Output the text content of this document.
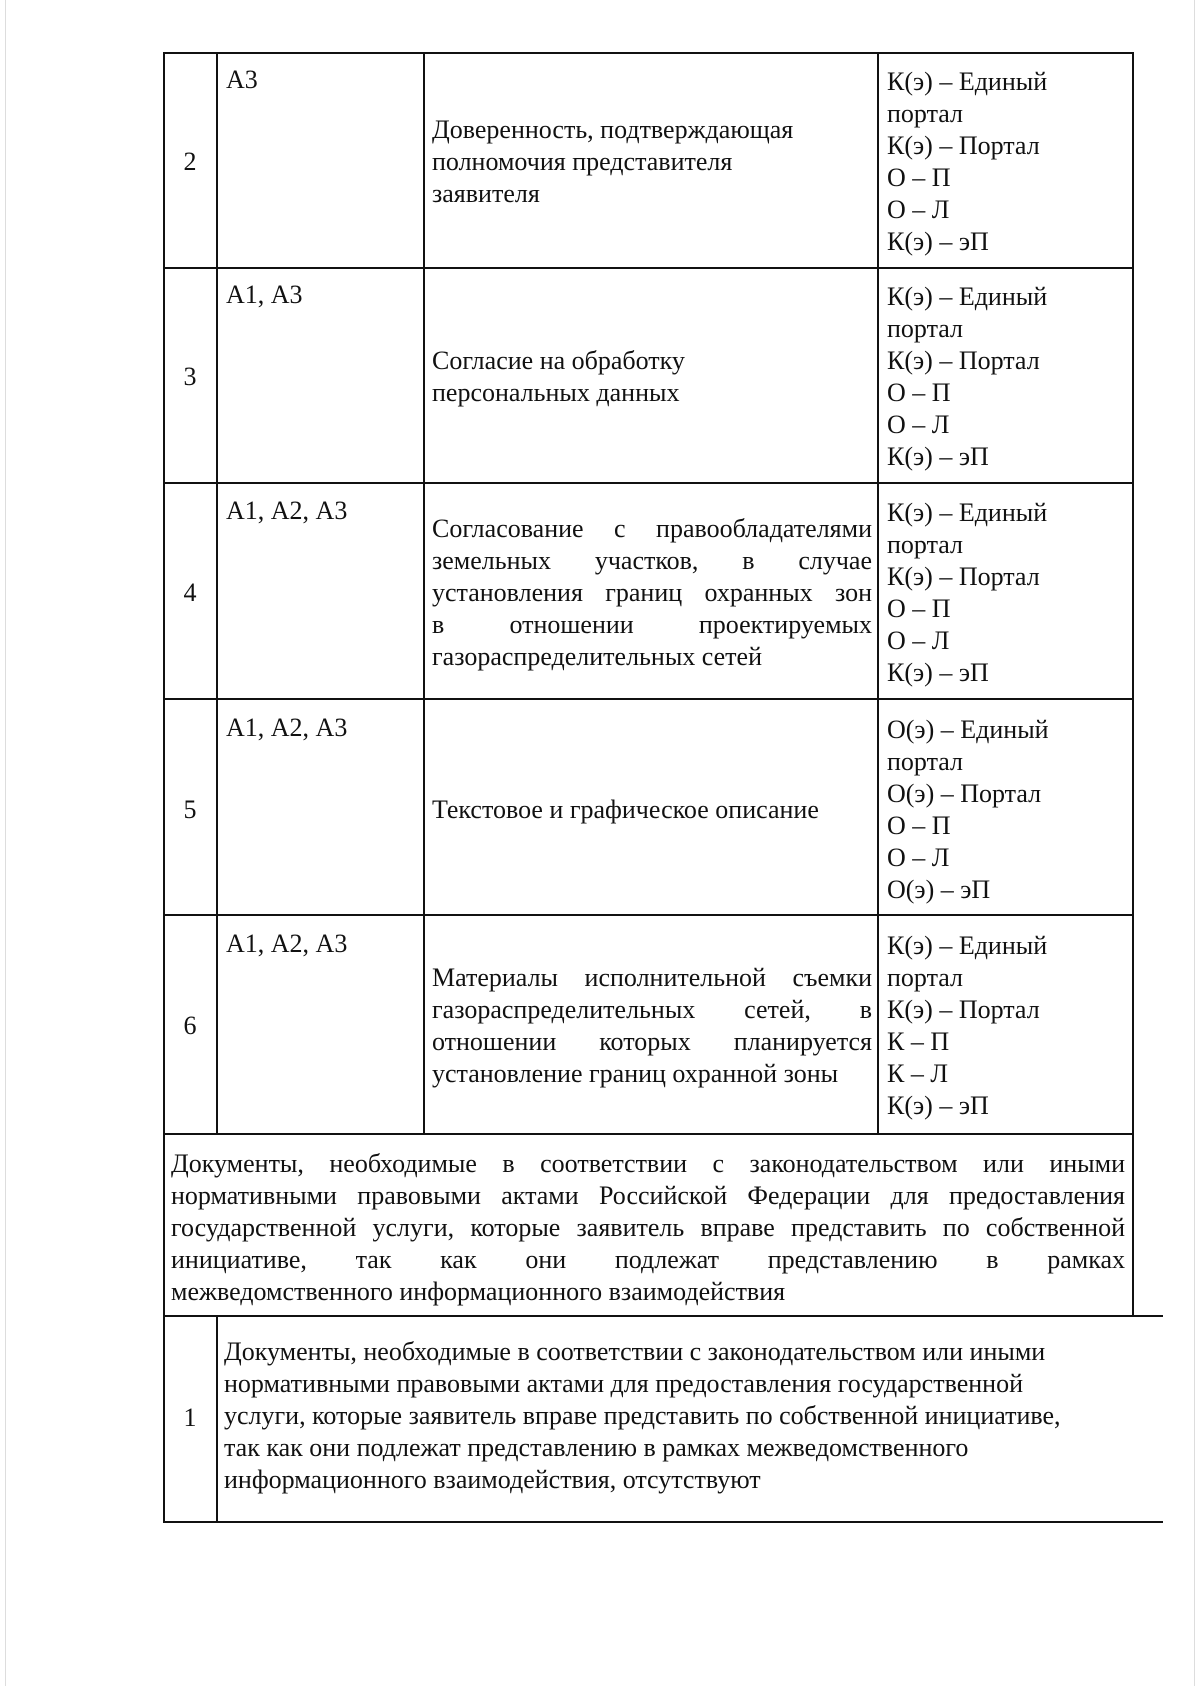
2
А3
Доверенность, подтверждающая
полномочия представителя
заявителя
К(э) – Единый
портал
К(э) – Портал
О – П
О – Л
К(э) – эП
3
А1, А3
Согласие на обработку
персональных данных
К(э) – Единый
портал
К(э) – Портал
О – П
О – Л
К(э) – эП
4
А1, А2, А3
Согласование с правообладателями
земельных участков, в случае
установления границ охранных зон
в отношении проектируемых
газораспределительных сетей
К(э) – Единый
портал
К(э) – Портал
О – П
О – Л
К(э) – эП
5
А1, А2, А3
Текстовое и графическое описание
О(э) – Единый
портал
О(э) – Портал
О – П
О – Л
О(э) – эП
6
А1, А2, А3
Материалы исполнительной съемки
газораспределительных сетей, в
отношении которых планируется
установление границ охранной зоны
К(э) – Единый
портал
К(э) – Портал
К – П
К – Л
К(э) – эП
Документы, необходимые в соответствии с законодательством или иными
нормативными правовыми актами Российской Федерации для предоставления
государственной услуги, которые заявитель вправе представить по собственной
инициативе, так как они подлежат представлению в рамках
межведомственного информационного взаимодействия
1
Документы, необходимые в соответствии с законодательством или иными
нормативными правовыми актами для предоставления государственной
услуги, которые заявитель вправе представить по собственной инициативе,
так как они подлежат представлению в рамках межведомственного
информационного взаимодействия, отсутствуют
